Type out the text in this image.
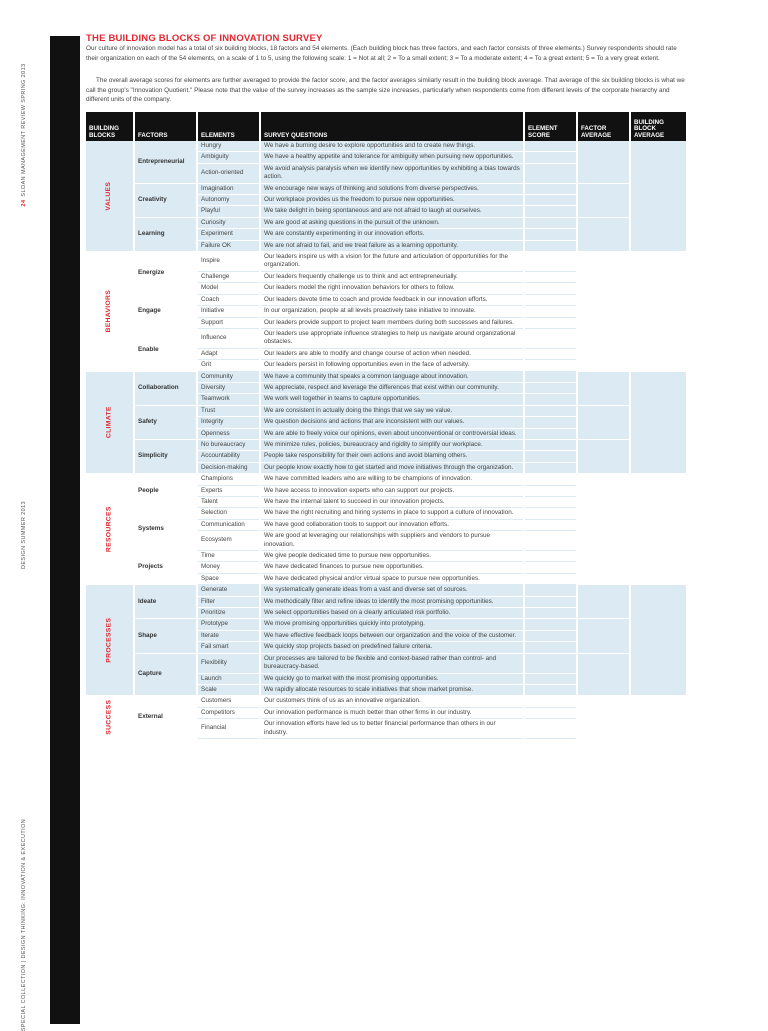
24SLOAN MANAGEMENT REVIEW SPRING 2013
DESIGN SUMMER 2013
SPECIAL COLLECTION | DESIGN THINKING: INNOVATION & EXECUTION
THE BUILDING BLOCKS OF INNOVATION SURVEY

Our culture of innovation model has a total of six building blocks, 18 factors and 54 elements. (Each building block has three factors, and each factor consists of three elements.) Survey respondents should rate their organization on each of the 54 elements, on a scale of 1 to 5, using the following scale: 1 = Not at all; 2 = To a small extent; 3 = To a moderate extent; 4 = To a great extent; 5 = To a very great extent.

The overall average scores for elements are further averaged to provide the factor score, and the factor averages similarly result in the building block average. That average of the six building blocks is what we call the group's "Innovation Quotient." Please note that the value of the survey increases as the sample size increases, particularly when respondents come from different levels of the corporate hierarchy and different units of the company.

BUILDING BLOCKS	FACTORS	ELEMENTS	SURVEY QUESTIONS	ELEMENT SCORE	FACTOR AVERAGE	BUILDING BLOCK AVERAGE
VALUES	Entrepreneurial	Hungry	We have a burning desire to explore opportunities and to create new things.			
		Ambiguity	We have a healthy appetite and tolerance for ambiguity when pursuing new opportunities.			
		Action-oriented	We avoid analysis paralysis when we identify new opportunities by exhibiting a bias towards action.			
	Creativity	Imagination	We encourage new ways of thinking and solutions from diverse perspectives.			
		Autonomy	Our workplace provides us the freedom to pursue new opportunities.			
		Playful	We take delight in being spontaneous and are not afraid to laugh at ourselves.			
	Learning	Curiosity	We are good at asking questions in the pursuit of the unknown.			
		Experiment	We are constantly experimenting in our innovation efforts.			
		Failure OK	We are not afraid to fail, and we treat failure as a learning opportunity.			
BEHAVIORS	Energize	Inspire	Our leaders inspire us with a vision for the future and articulation of opportunities for the organization.			
		Challenge	Our leaders frequently challenge us to think and act entrepreneurially.			
		Model	Our leaders model the right innovation behaviors for others to follow.			
	Engage	Coach	Our leaders devote time to coach and provide feedback in our innovation efforts.			
		Initiative	In our organization, people at all levels proactively take initiative to innovate.			
		Support	Our leaders provide support to project team members during both successes and failures.			
	Enable	Influence	Our leaders use appropriate influence strategies to help us navigate around organizational obstacles.			
		Adapt	Our leaders are able to modify and change course of action when needed.			
		Grit	Our leaders persist in following opportunities even in the face of adversity.			
CLIMATE	Collaboration	Community	We have a community that speaks a common language about innovation.			
		Diversity	We appreciate, respect and leverage the differences that exist within our community.			
		Teamwork	We work well together in teams to capture opportunities.			
	Safety	Trust	We are consistent in actually doing the things that we say we value.			
		Integrity	We question decisions and actions that are inconsistent with our values.			
		Openness	We are able to freely voice our opinions, even about unconventional or controversial ideas.			
	Simplicity	No bureaucracy	We minimize rules, policies, bureaucracy and rigidity to simplify our workplace.			
		Accountability	People take responsibility for their own actions and avoid blaming others.			
		Decision-making	Our people know exactly how to get started and move initiatives through the organization.			
RESOURCES	People	Champions	We have committed leaders who are willing to be champions of innovation.			
		Experts	We have access to innovation experts who can support our projects.			
		Talent	We have the internal talent to succeed in our innovation projects.			
	Systems	Selection	We have the right recruiting and hiring systems in place to support a culture of innovation.			
		Communication	We have good collaboration tools to support our innovation efforts.			
		Ecosystem	We are good at leveraging our relationships with suppliers and vendors to pursue innovation.			
	Projects	Time	We give people dedicated time to pursue new opportunities.			
		Money	We have dedicated finances to pursue new opportunities.			
		Space	We have dedicated physical and/or virtual space to pursue new opportunities.			
PROCESSES	Ideate	Generate	We systematically generate ideas from a vast and diverse set of sources.			
		Filter	We methodically filter and refine ideas to identify the most promising opportunities.			
		Prioritize	We select opportunities based on a clearly articulated risk portfolio.			
	Shape	Prototype	We move promising opportunities quickly into prototyping.			
		Iterate	We have effective feedback loops between our organization and the voice of the customer.			
		Fail smart	We quickly stop projects based on predefined failure criteria.			
	Capture	Flexibility	Our processes are tailored to be flexible and context-based rather than control- and bureaucracy-based.			
		Launch	We quickly go to market with the most promising opportunities.			
		Scale	We rapidly allocate resources to scale initiatives that show market promise.			
SUCCESS	External	Customers	Our customers think of us as an innovative organization.			
		Competitors	Our innovation performance is much better than other firms in our industry.			
		Financial	Our innovation efforts have led us to better financial performance than others in our industry.			
